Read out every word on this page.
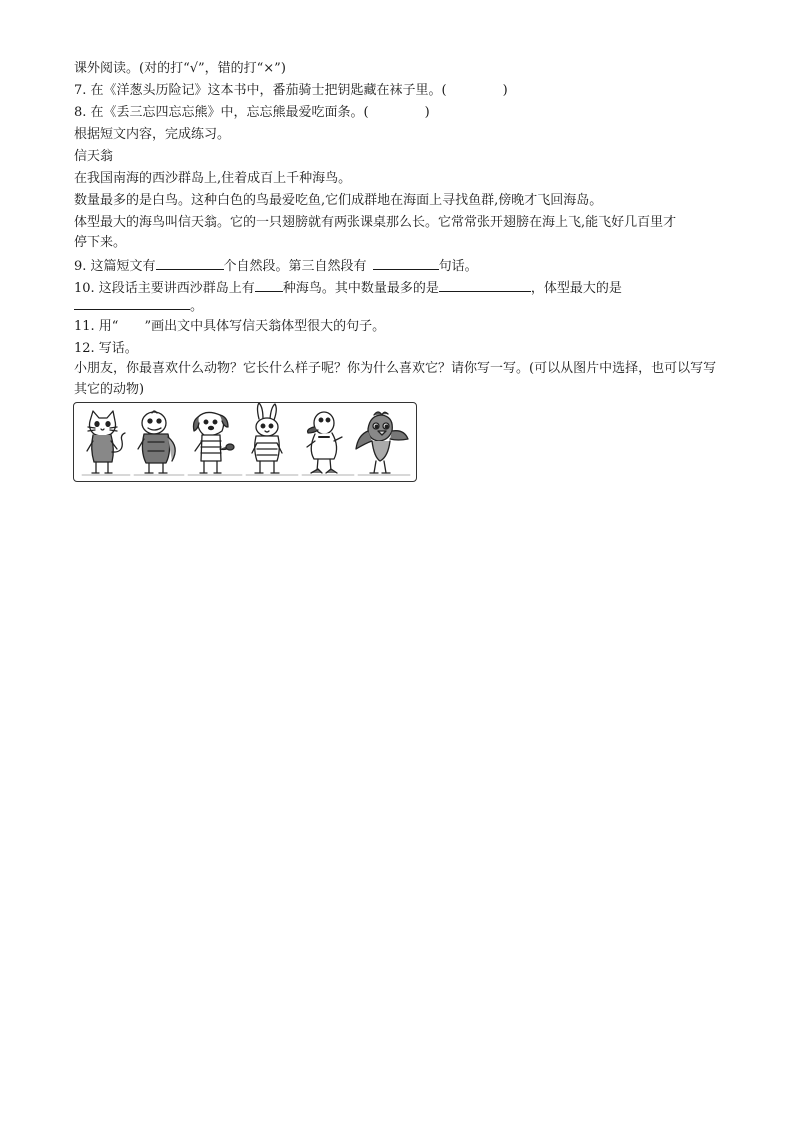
课外阅读。(对的打“√”，错的打“×”)
7. 在《洋葱头历险记》这本书中，番茄骑士把钥匙藏在袜子里。(	)
8. 在《丢三忘四忘忘熊》中，忘忘熊最爱吃面条。(	)
根据短文内容，完成练习。
信天翁
在我国南海的西沙群岛上,住着成百上千种海鸟。
数量最多的是白鸟。这种白色的鸟最爱吃鱼,它们成群地在海面上寻找鱼群,傍晚才飞回海岛。
体型最大的海鸟叫信天翁。它的一只翅膀就有两张课桌那么长。它常常张开翅膀在海上飞,能飞好几百里才
停下来。
9. 这篇短文有	个自然段。第三自然段有	句话。
10. 这段话主要讲西沙群岛上有 种海鸟。其中数量最多的是	，体型最大的是
。
11. 用“ ”画出文中具体写信天翁体型很大的句子。
12. 写话。
小朋友，你最喜欢什么动物？它长什么样子呢？你为什么喜欢它？请你写一写。(可以从图片中选择，也可以写写其它的动物)
